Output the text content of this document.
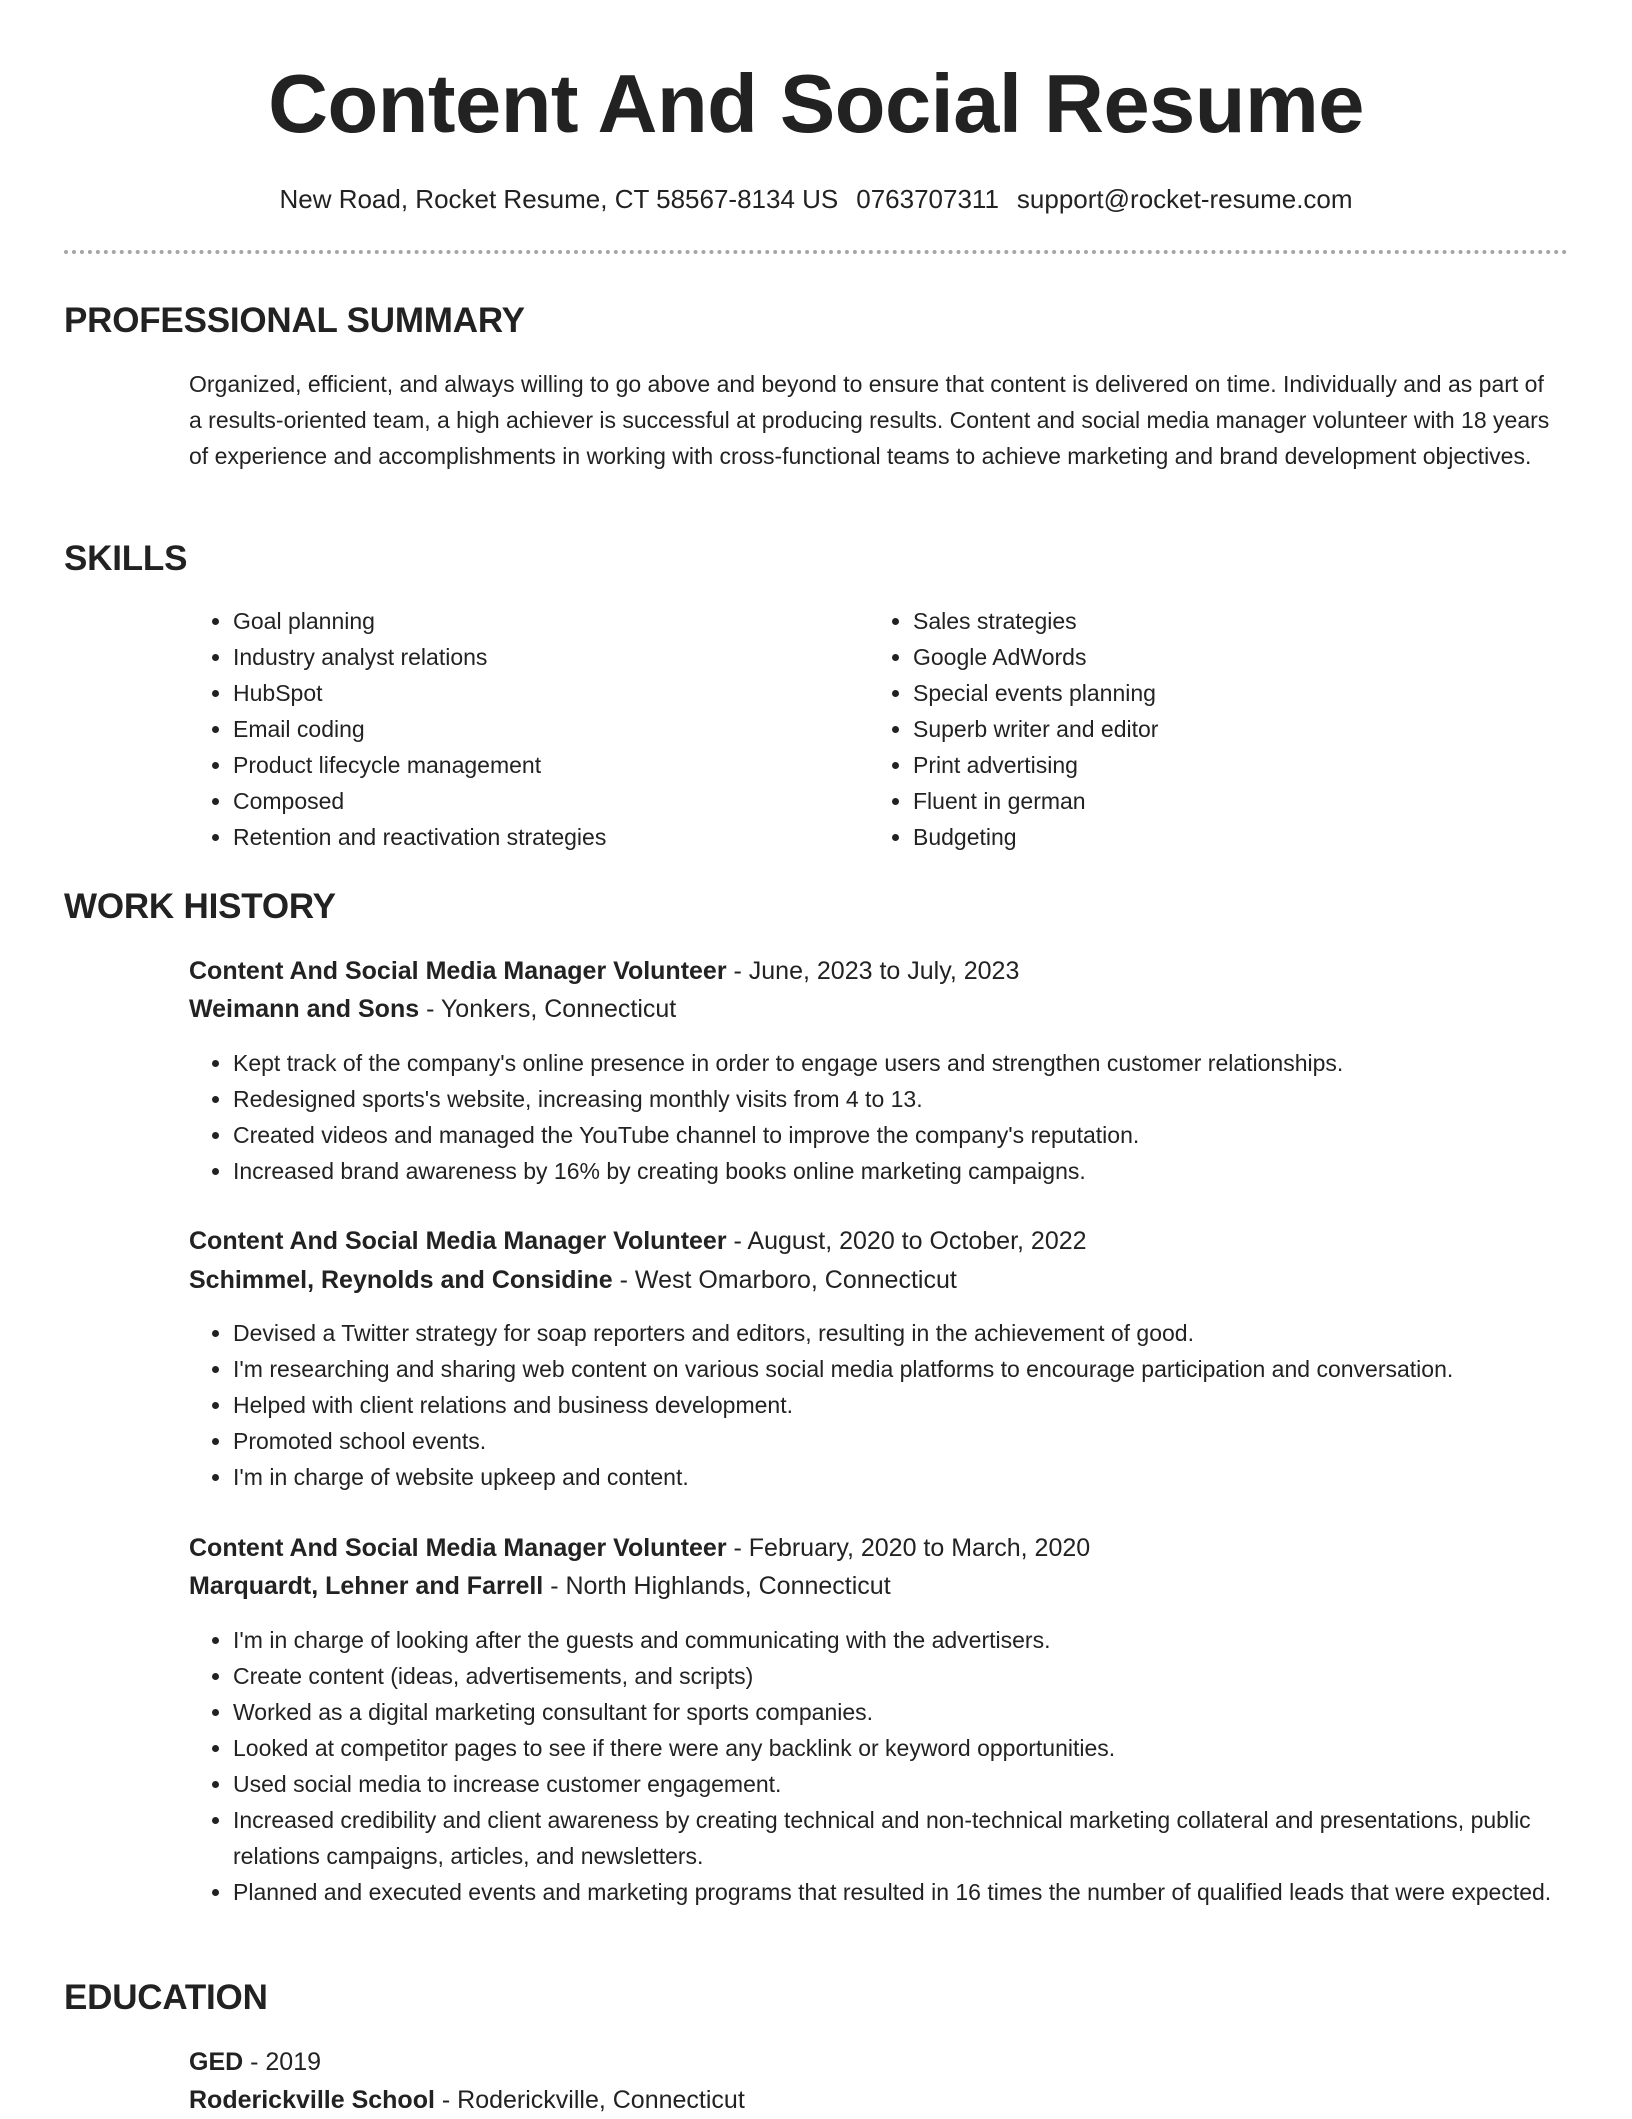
Content And Social Resume
New Road, Rocket Resume, CT 58567-8134 US 0763707311 support@rocket-resume.com
PROFESSIONAL SUMMARY

Organized, efficient, and always willing to go above and beyond to ensure that content is delivered on time. Individually and as part of a results-oriented team, a high achiever is successful at producing results. Content and social media manager volunteer with 18 years of experience and accomplishments in working with cross-functional teams to achieve marketing and brand development objectives.

SKILLS
• Goal planning
• Industry analyst relations
• HubSpot
• Email coding
• Product lifecycle management
• Composed
• Retention and reactivation strategies
• Sales strategies
• Google AdWords
• Special events planning
• Superb writer and editor
• Print advertising
• Fluent in german
• Budgeting
WORK HISTORY
Content And Social Media Manager Volunteer - June, 2023 to July, 2023
Weimann and Sons - Yonkers, Connecticut
• Kept track of the company's online presence in order to engage users and strengthen customer relationships.
• Redesigned sports's website, increasing monthly visits from 4 to 13.
• Created videos and managed the YouTube channel to improve the company's reputation.
• Increased brand awareness by 16% by creating books online marketing campaigns.
Content And Social Media Manager Volunteer - August, 2020 to October, 2022
Schimmel, Reynolds and Considine - West Omarboro, Connecticut
• Devised a Twitter strategy for soap reporters and editors, resulting in the achievement of good.
• I'm researching and sharing web content on various social media platforms to encourage participation and conversation.
• Helped with client relations and business development.
• Promoted school events.
• I'm in charge of website upkeep and content.
Content And Social Media Manager Volunteer - February, 2020 to March, 2020
Marquardt, Lehner and Farrell - North Highlands, Connecticut
• I'm in charge of looking after the guests and communicating with the advertisers.
• Create content (ideas, advertisements, and scripts)
• Worked as a digital marketing consultant for sports companies.
• Looked at competitor pages to see if there were any backlink or keyword opportunities.
• Used social media to increase customer engagement.
• Increased credibility and client awareness by creating technical and non-technical marketing collateral and presentations, public relations campaigns, articles, and newsletters.
• Planned and executed events and marketing programs that resulted in 16 times the number of qualified leads that were expected.
EDUCATION
GED - 2019
Roderickville School - Roderickville, Connecticut
